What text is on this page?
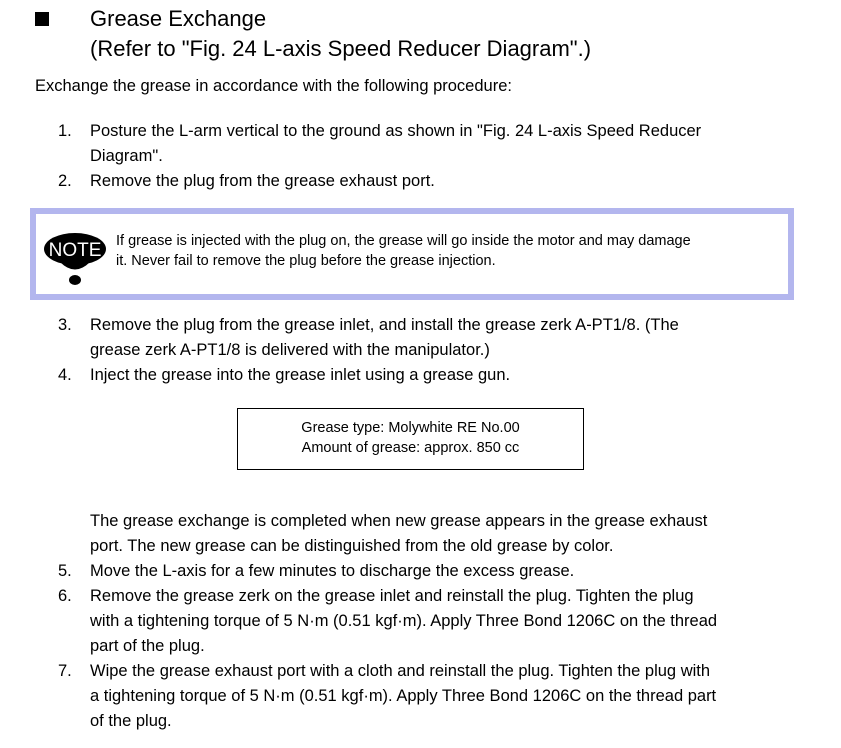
Grease Exchange
(Refer to "Fig. 24 L-axis Speed Reducer Diagram".)
Exchange the grease in accordance with the following procedure:
1.	Posture the L-arm vertical to the ground as shown in "Fig. 24 L-axis Speed Reducer
Diagram".
2.	Remove the plug from the grease exhaust port.
NOTE If grease is injected with the plug on, the grease will go inside the motor and may damage
it. Never fail to remove the plug before the grease injection.
3.	Remove the plug from the grease inlet, and install the grease zerk A-PT1/8. (The
grease zerk A-PT1/8 is delivered with the manipulator.)
4.	Inject the grease into the grease inlet using a grease gun.
Grease type: Molywhite RE No.00
Amount of grease: approx. 850 cc
The grease exchange is completed when new grease appears in the grease exhaust
port. The new grease can be distinguished from the old grease by color.
5.	Move the L-axis for a few minutes to discharge the excess grease.
6.	Remove the grease zerk on the grease inlet and reinstall the plug. Tighten the plug
with a tightening torque of 5 N·m (0.51 kgf·m). Apply Three Bond 1206C on the thread
part of the plug.
7.	Wipe the grease exhaust port with a cloth and reinstall the plug. Tighten the plug with
a tightening torque of 5 N·m (0.51 kgf·m). Apply Three Bond 1206C on the thread part
of the plug.
